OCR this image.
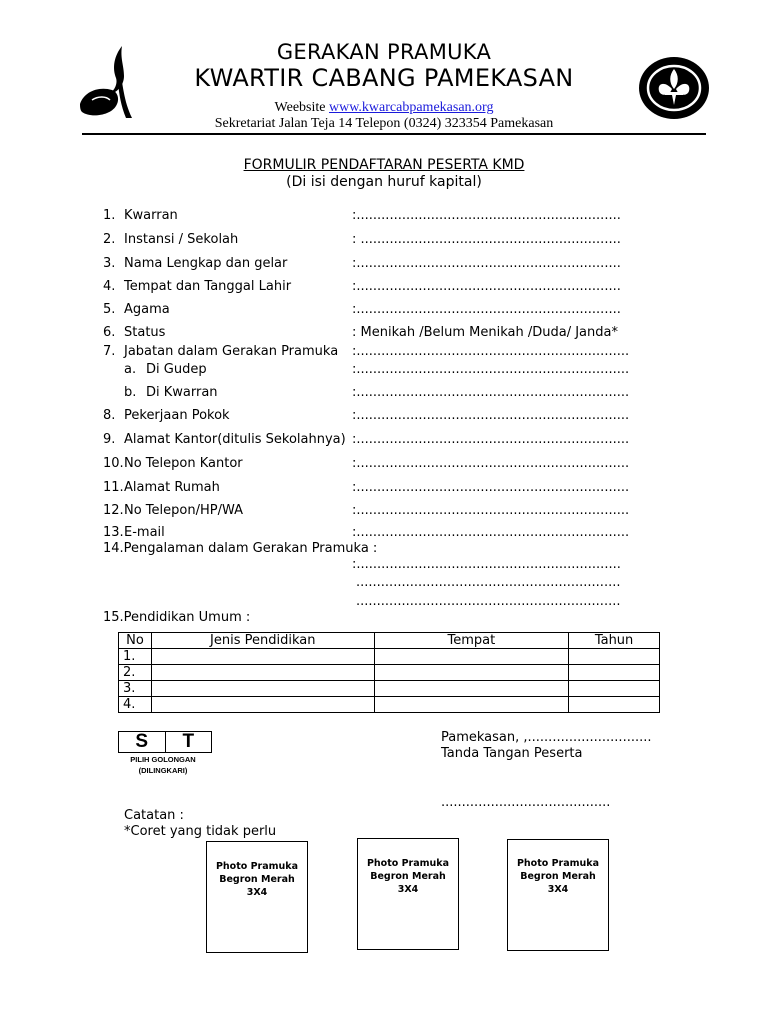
GERAKAN PRAMUKA
KWARTIR CABANG PAMEKASAN
Weebsite www.kwarcabpamekasan.org
Sekretariat Jalan Teja 14 Telepon (0324) 323354 Pamekasan
FORMULIR PENDAFTARAN PESERTA KMD
(Di isi dengan huruf kapital)
1. Kwarran	:................................................................
2. Instansi / Sekolah	: ...............................................................
3. Nama Lengkap dan gelar	:................................................................
4. Tempat dan Tanggal Lahir	:................................................................
5. Agama	:................................................................
6. Status	: Menikah /Belum Menikah /Duda/ Janda*
7. Jabatan dalam Gerakan Pramuka :..................................................................
a. Di Gudep	:..................................................................
b. Di Kwarran	:..................................................................
8. Pekerjaan Pokok	:..................................................................
9. Alamat Kantor(ditulis Sekolahnya) :..................................................................
10. No Telepon Kantor	:..................................................................
11. Alamat Rumah	:..................................................................
12. No Telepon/HP/WA	:..................................................................
13. E-mail	:..................................................................
14.Pengalaman dalam Gerakan Pramuka :
:................................................................
................................................................
................................................................
15.Pendidikan Umum :
No	Jenis Pendidikan	Tempat	Tahun
1.			
2.			
3.			
4.			
S	T
PILIH GOLONGAN
(DILINGKARI)
Pamekasan, ,..............................
Tanda Tangan Peserta
.........................................
Catatan :
*Coret yang tidak perlu
Photo Pramuka
Begron Merah
3X4
Photo Pramuka
Begron Merah
3X4
Photo Pramuka
Begron Merah
3X4
